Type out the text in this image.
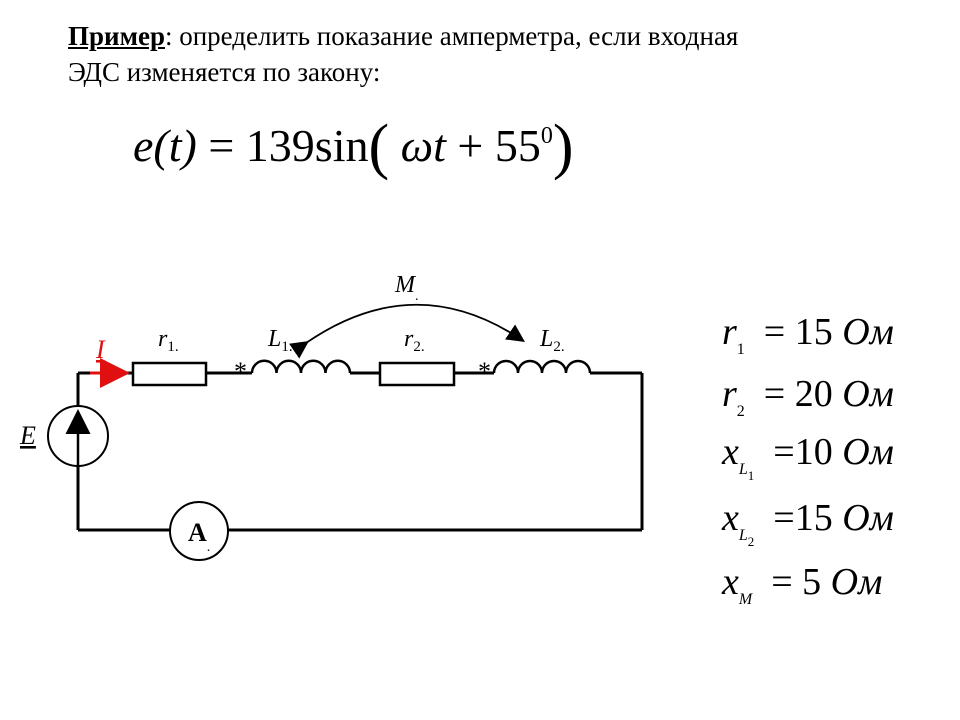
Пример: определить показание амперметра, если входная ЭДС изменяется по закону:
e(t) = 139sin( $\omega t + 55^0$)
I $r_{1.}$	$L_{1.}$
*
$r_{2.}$	$L_{2.}$
*
$M_.$
E
$A_.$
$r_1 = 15$ Ом
$r_2 = 20$ Ом
$x_{L_1} =10$ Ом
$x_{L_2} =15$ Ом
$x_M = 5$ Ом
